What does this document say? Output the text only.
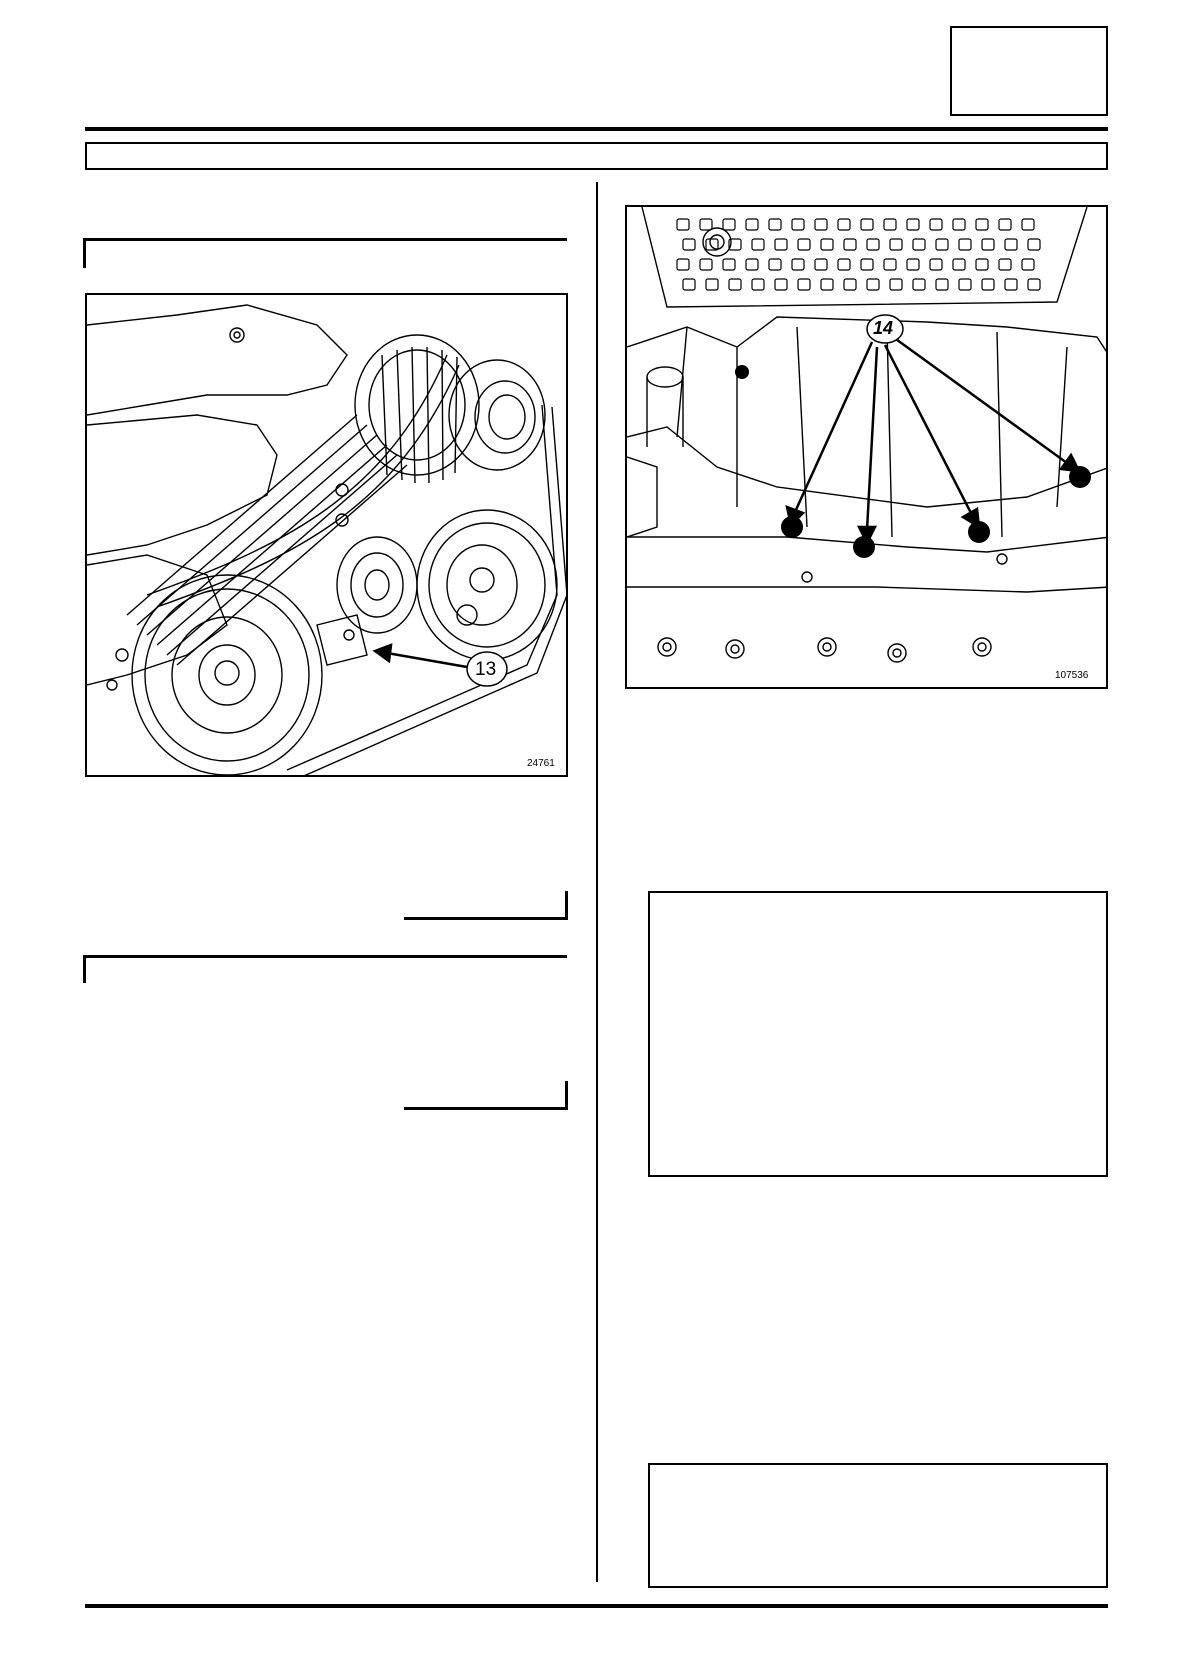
13
24761
14
107536
